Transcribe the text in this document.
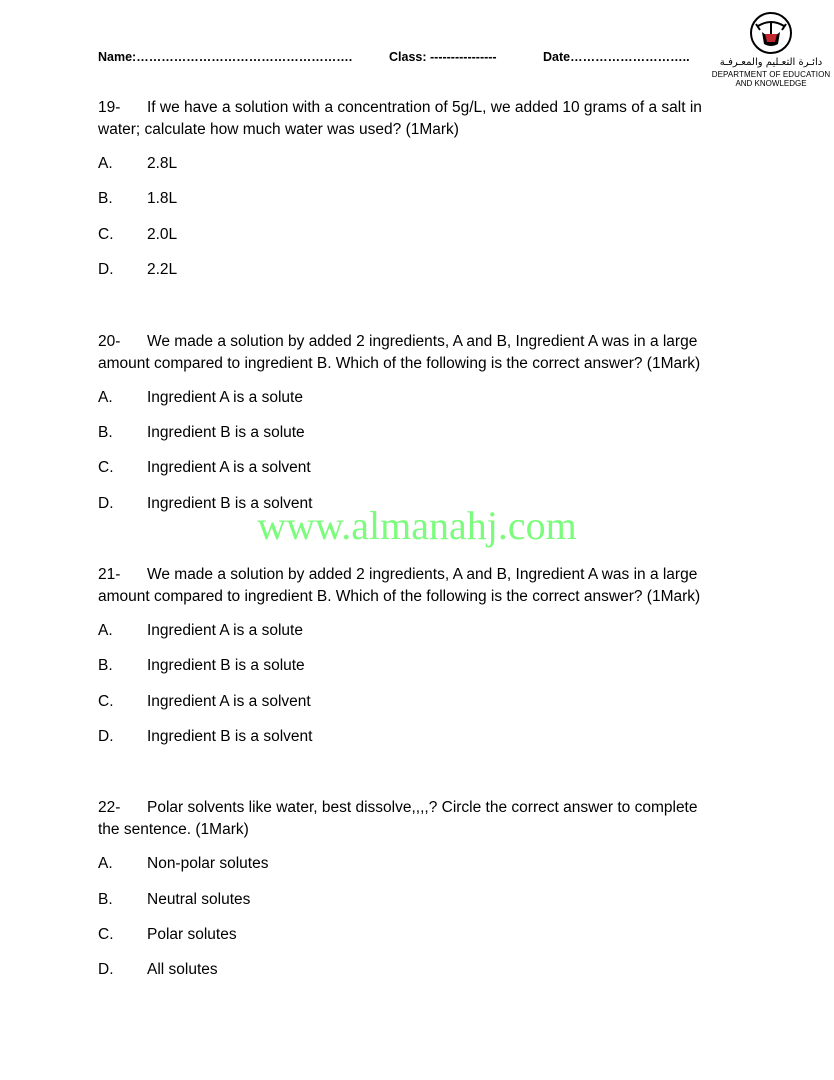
Name:…………………………………………….	Class: ----------------	Date………………………..	دائـرة التعـليم والمعـرفـة
DEPARTMENT OF EDUCATION
AND KNOWLEDGE
19- If we have a solution with a concentration of 5g/L, we added 10 grams of a salt in
water; calculate how much water was used? (1Mark)
A. 2.8L
B. 1.8L
C. 2.0L
D. 2.2L
20- We made a solution by added 2 ingredients, A and B, Ingredient A was in a large
amount compared to ingredient B. Which of the following is the correct answer? (1Mark)
A. Ingredient A is a solute
B. Ingredient B is a solute
C. Ingredient A is a solvent
D. Ingredient B is a solvent
www.almanahj.com
21- We made a solution by added 2 ingredients, A and B, Ingredient A was in a large
amount compared to ingredient B. Which of the following is the correct answer? (1Mark)
A. Ingredient A is a solute
B. Ingredient B is a solute
C. Ingredient A is a solvent
D. Ingredient B is a solvent
22- Polar solvents like water, best dissolve,,,,? Circle the correct answer to complete
the sentence. (1Mark)
A. Non-polar solutes
B. Neutral solutes
C. Polar solutes
D. All solutes
